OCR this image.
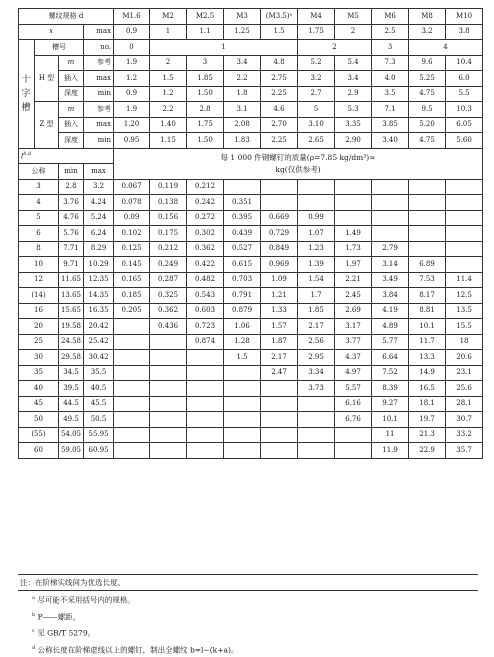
螺纹规格 d				M1.6	M2	M2.5	M3	(M3.5)ᵃ	M4	M5	M6	M8	M10
x			max	0.9	1	1.1	1.25	1.5	1.75	2	2.5	3.2	3.8
十字槽	槽号		no.	0	1				2		3	4	
	H 型	m	参考	1.9	2	3	3.4	4.8	5.2	5.4	7.3	9.6	10.4
		插入	max	1.2	1.5	1.85	2.2	2.75	3.2	3.4	4.0	5.25	6.0
		深度	min	0.9	1.2	1.50	1.8	2.25	2.7	2.9	3.5	4.75	5.5
	Z 型	m	参考	1.9	2.2	2.8	3.1	4.6	5	5.3	7.1	9.5	10.3
		插入	max	1.20	1.40	1.75	2.08	2.70	3.10	3.35	3.85	5.20	6.05
		深度	min	0.95	1.15	1.50	1.83	2.25	2.65	2.90	3.40	4.75	5.60
$l^{b,d}$				每 1 000 件钢螺钉的质量(ρ=7.85 kg/dm³)≈
kg(仅供参考)									

公称		min	max										
3		2.8	3.2	0.067	0.119	0.212							
4		3.76	4.24	0.078	0.138	0.242	0.351						
5		4.76	5.24	0.09	0.156	0.272	0.395	0.669	0.99				
6		5.76	6.24	0.102	0.175	0.302	0.439	0.729	1.07	1.49			
8		7.71	8.29	0.125	0.212	0.362	0.527	0.849	1.23	1.73	2.79		
10		9.71	10.29	0.145	0.249	0.422	0.615	0.969	1.39	1.97	3.14	6.89	
12		11.65	12.35	0.165	0.287	0.482	0.703	1.09	1.54	2.21	3.49	7.53	11.4
(14)		13.65	14.35	0.185	0.325	0.543	0.791	1.21	1.7	2.45	3.84	8.17	12.5
16		15.65	16.35	0.205	0.362	0.603	0.879	1.33	1.85	2.69	4.19	8.81	13.5
20		19.58	20.42		0.436	0.723	1.06	1.57	2.17	3.17	4.89	10.1	15.5
25		24.58	25.42			0.874	1.28	1.87	2.56	3.77	5.77	11.7	18
30		29.58	30.42				1.5	2.17	2.95	4.37	6.64	13.3	20.6
35		34.5	35.5					2.47	3.34	4.97	7.52	14.9	23.1
40		39.5	40.5						3.73	5.57	8.39	16.5	25.6
45		44.5	45.5							6.16	9.27	18.1	28.1
50		49.5	50.5							6.76	10.1	19.7	30.7
(55)		54.05	55.95								11	21.3	33.2
60		59.05	60.95								11.9	22.9	35.7
注：在阶梯实线间为优选长度。
$^a$ 尽可能不采用括号内的规格。
$^b$ P——螺距。
$^c$ 见 GB/T 5279。
$^d$ 公称长度在阶梯虚线以上的螺钉，制出全螺纹 b=l−(k+a)。
